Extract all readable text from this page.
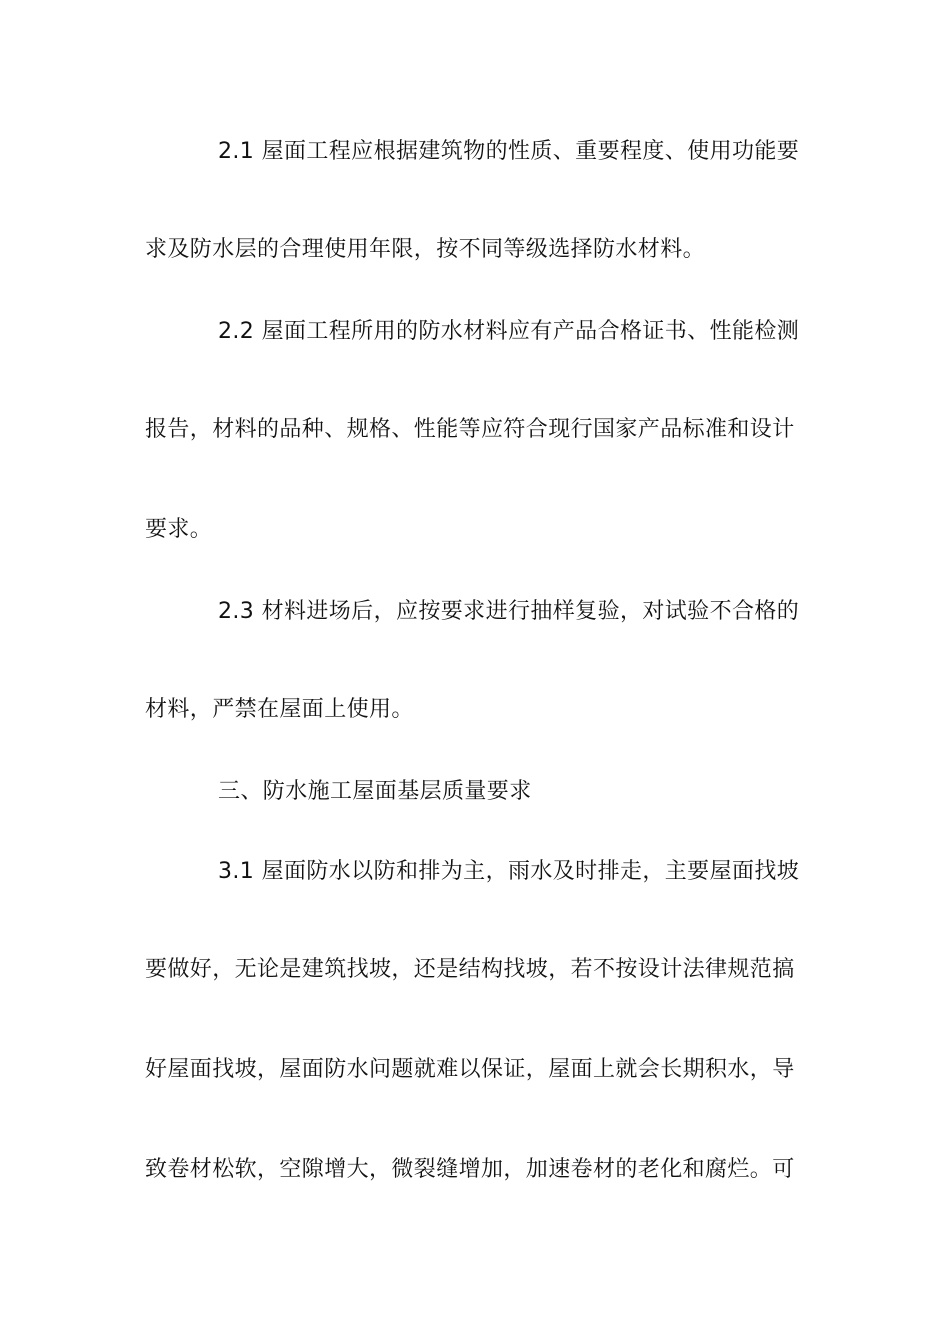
2.1 屋面工程应根据建筑物的性质、重要程度、使用功能要
求及防水层的合理使用年限，按不同等级选择防水材料。
2.2 屋面工程所用的防水材料应有产品合格证书、性能检测
报告，材料的品种、规格、性能等应符合现行国家产品标准和设计
要求。
2.3 材料进场后，应按要求进行抽样复验，对试验不合格的
材料，严禁在屋面上使用。
三、防水施工屋面基层质量要求
3.1 屋面防水以防和排为主，雨水及时排走，主要屋面找坡
要做好，无论是建筑找坡，还是结构找坡，若不按设计法律规范搞
好屋面找坡，屋面防水问题就难以保证，屋面上就会长期积水，导
致卷材松软，空隙增大，微裂缝增加，加速卷材的老化和腐烂。可
